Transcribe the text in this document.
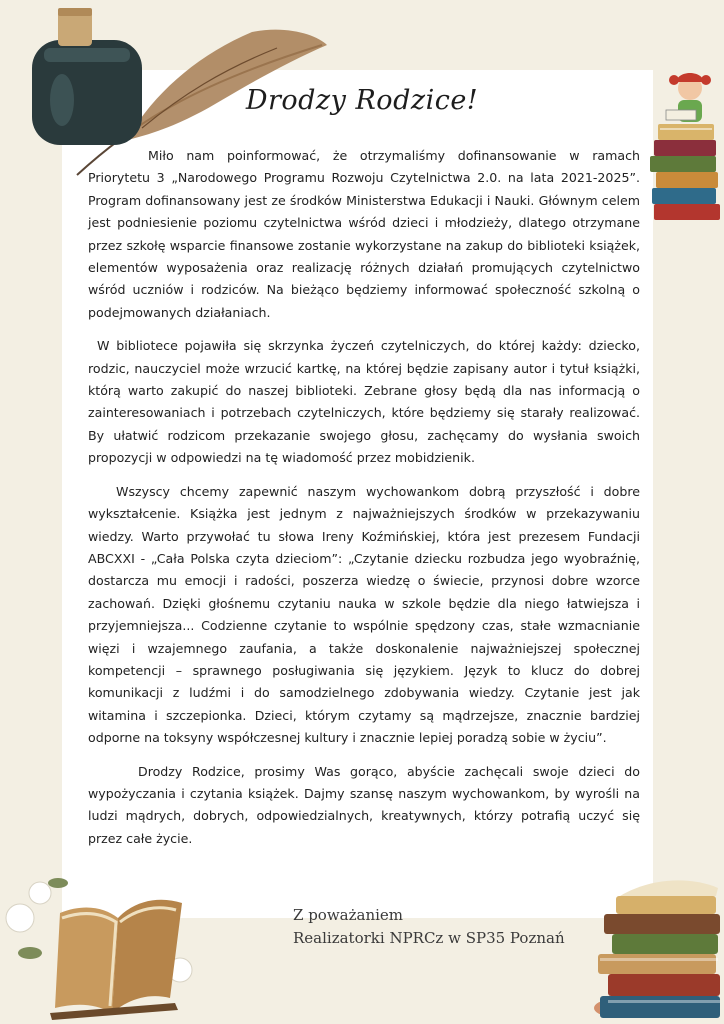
Drodzy Rodzice!

Miło nam poinformować, że otrzymaliśmy dofinansowanie w ramach Priorytetu 3 „Narodowego Programu Rozwoju Czytelnictwa 2.0. na lata 2021-2025”. Program dofinansowany jest ze środków Ministerstwa Edukacji i Nauki. Głównym celem jest podniesienie poziomu czytelnictwa wśród dzieci i młodzieży, dlatego otrzymane przez szkołę wsparcie finansowe zostanie wykorzystane na zakup do biblioteki książek, elementów wyposażenia oraz realizację różnych działań promujących czytelnictwo wśród uczniów i rodziców. Na bieżąco będziemy informować społeczność szkolną o podejmowanych działaniach.

W bibliotece pojawiła się skrzynka życzeń czytelniczych, do której każdy: dziecko, rodzic, nauczyciel może wrzucić kartkę, na której będzie zapisany autor i tytuł książki, którą warto zakupić do naszej biblioteki. Zebrane głosy będą dla nas informacją o zainteresowaniach i potrzebach czytelniczych, które będziemy się starały realizować. By ułatwić rodzicom przekazanie swojego głosu, zachęcamy do wysłania swoich propozycji w odpowiedzi na tę wiadomość przez mobidzienik.

Wszyscy chcemy zapewnić naszym wychowankom dobrą przyszłość i dobre wykształcenie. Książka jest jednym z najważniejszych środków w przekazywaniu wiedzy. Warto przywołać tu słowa Ireny Koźmińskiej, która jest prezesem Fundacji ABCXXI - „Cała Polska czyta dzieciom”: „Czytanie dziecku rozbudza jego wyobraźnię, dostarcza mu emocji i radości, poszerza wiedzę o świecie, przynosi dobre wzorce zachowań. Dzięki głośnemu czytaniu nauka w szkole będzie dla niego łatwiejsza i przyjemniejsza... Codzienne czytanie to wspólnie spędzony czas, stałe wzmacnianie więzi i wzajemnego zaufania, a także doskonalenie najważniejszej społecznej kompetencji – sprawnego posługiwania się językiem. Język to klucz do dobrej komunikacji z ludźmi i do samodzielnego zdobywania wiedzy. Czytanie jest jak witamina i szczepionka. Dzieci, którym czytamy są mądrzejsze, znacznie bardziej odporne na toksyny współczesnej kultury i znacznie lepiej poradzą sobie w życiu”.

Drodzy Rodzice, prosimy Was gorąco, abyście zachęcali swoje dzieci do wypożyczania i czytania książek. Dajmy szansę naszym wychowankom, by wyrośli na ludzi mądrych, dobrych, odpowiedzialnych, kreatywnych, którzy potrafią uczyć się przez całe życie.

Z poważaniem
Realizatorki NPRCz w SP35 Poznań
